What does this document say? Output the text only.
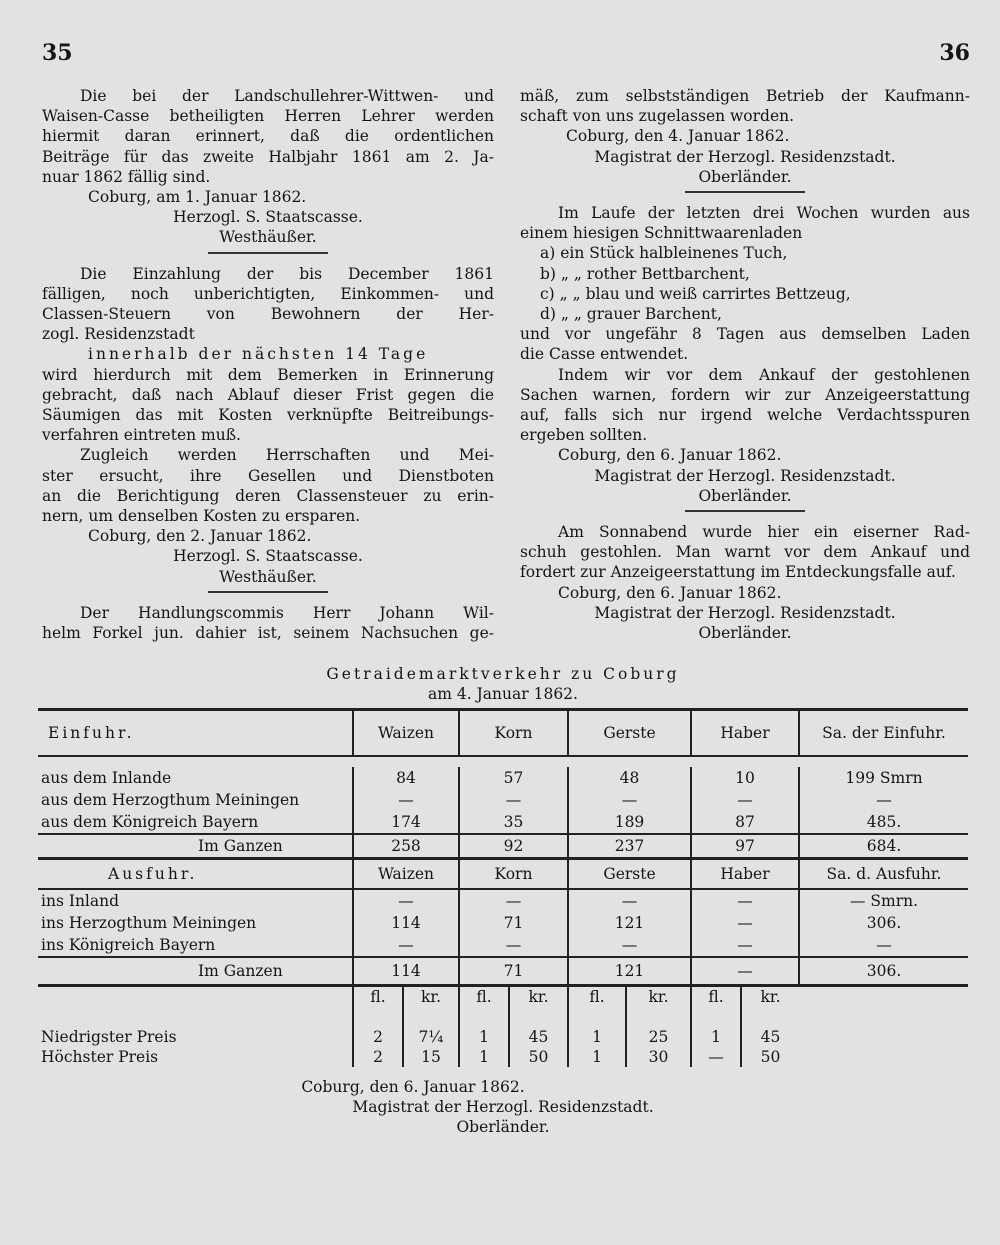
35	36

Die bei der Landschullehrer-Wittwen- und

Waisen-Casse betheiligten Herren Lehrer werden

hiermit daran erinnert, daß die ordentlichen

Beiträge für das zweite Halbjahr 1861 am 2. Ja-

nuar 1862 fällig sind.

Coburg, am 1. Januar 1862.

Herzogl. S. Staatscasse.

Westhäußer.

Die Einzahlung der bis December 1861

fälligen, noch unberichtigten, Einkommen- und

Classen-Steuern von Bewohnern der Her-

zogl. Residenzstadt

innerhalb der nächsten 14 Tage

wird hierdurch mit dem Bemerken in Erinnerung

gebracht, daß nach Ablauf dieser Frist gegen die

Säumigen das mit Kosten verknüpfte Beitreibungs-

verfahren eintreten muß.

Zugleich werden Herrschaften und Mei-

ster ersucht, ihre Gesellen und Dienstboten

an die Berichtigung deren Classensteuer zu erin-

nern, um denselben Kosten zu ersparen.

Coburg, den 2. Januar 1862.

Herzogl. S. Staatscasse.

Westhäußer.

Der Handlungscommis Herr Johann Wil-

helm Forkel jun. dahier ist, seinem Nachsuchen ge-

mäß, zum selbstständigen Betrieb der Kaufmann-

schaft von uns zugelassen worden.

Coburg, den 4. Januar 1862.

Magistrat der Herzogl. Residenzstadt.

Oberländer.

Im Laufe der letzten drei Wochen wurden aus

einem hiesigen Schnittwaarenladen

a) ein Stück halbleinenes Tuch,

b) „ „ rother Bettbarchent,

c) „ „ blau und weiß carrirtes Bettzeug,

d) „ „ grauer Barchent,

und vor ungefähr 8 Tagen aus demselben Laden

die Casse entwendet.

Indem wir vor dem Ankauf der gestohlenen

Sachen warnen, fordern wir zur Anzeigeerstattung

auf, falls sich nur irgend welche Verdachtsspuren

ergeben sollten.

Coburg, den 6. Januar 1862.

Magistrat der Herzogl. Residenzstadt.

Oberländer.

Am Sonnabend wurde hier ein eiserner Rad-

schuh gestohlen. Man warnt vor dem Ankauf und

fordert zur Anzeigeerstattung im Entdeckungsfalle auf.

Coburg, den 6. Januar 1862.

Magistrat der Herzogl. Residenzstadt.

Oberländer.

Getraidemarktverkehr zu Coburg
am 4. Januar 1862.
Einfuhr.	Waizen	Korn	Gerste	Haber	Sa. der Einfuhr.

aus dem Inlande	84	57	48	10	199 Smrn
aus dem Herzogthum Meiningen	—	—	—	—	—
aus dem Königreich Bayern	174	35	189	87	485.
Im Ganzen	258	92	237	97	684.
Ausfuhr.	Waizen	Korn	Gerste	Haber	Sa. d. Ausfuhr.
ins Inland	—	—	—	—	— Smrn.
ins Herzogthum Meiningen	114	71	121	—	306.
ins Königreich Bayern	—	—	—	—	—
Im Ganzen	114	71	121	—	306.
	fl.	kr.	fl.	kr.	fl.	kr.	fl.	kr.	

Niedrigster Preis	2	7¼	1	45	1	25	1	45	
Höchster Preis	2	15	1	50	1	30	—	50	
Coburg, den 6. Januar 1862.
Magistrat der Herzogl. Residenzstadt.
Oberländer.
